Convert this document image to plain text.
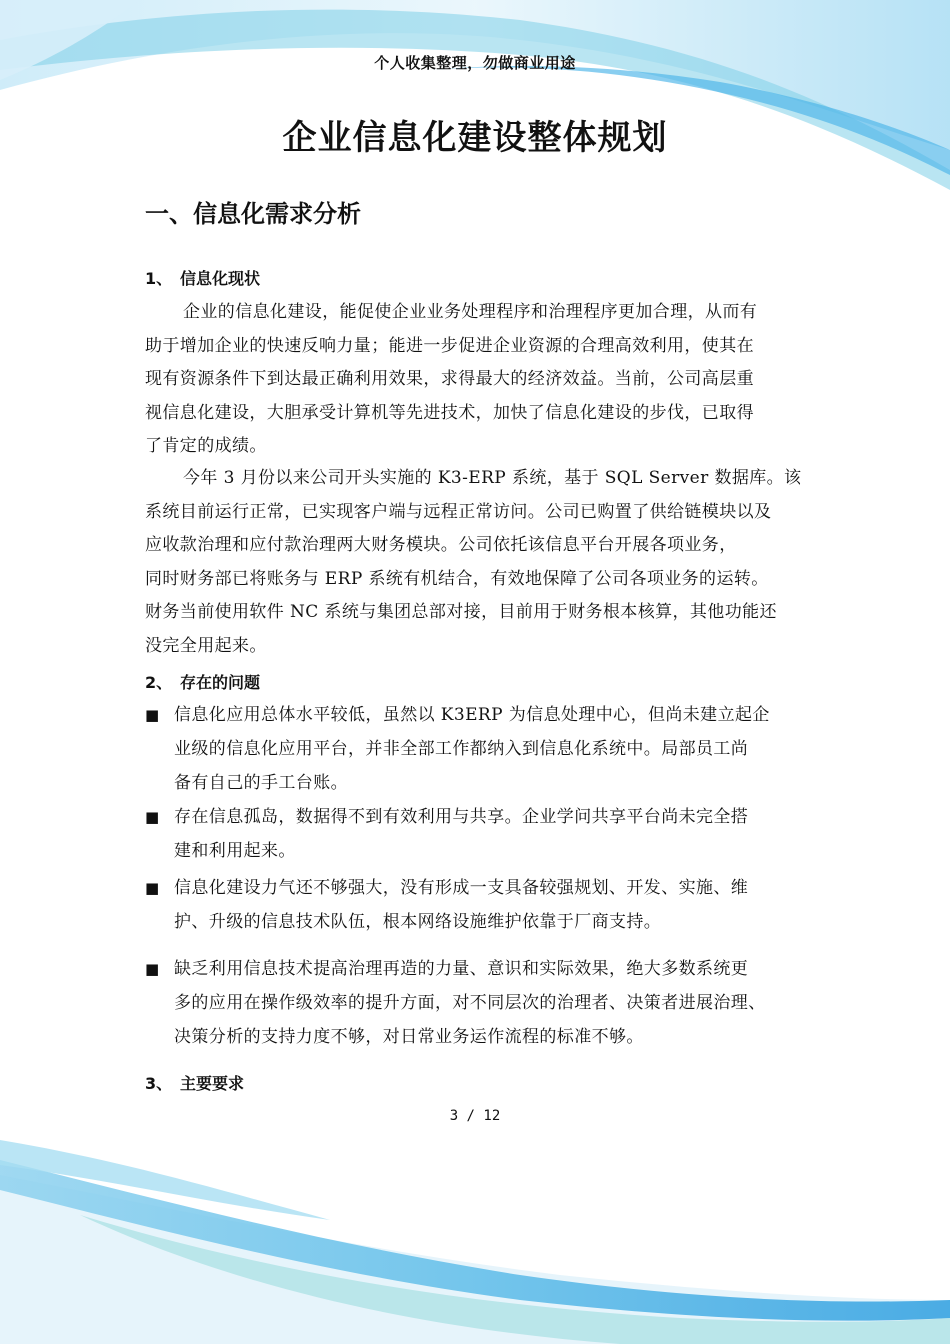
个人收集整理，勿做商业用途
企业信息化建设整体规划
一、信息化需求分析
1、 信息化现状
企业的信息化建设，能促使企业业务处理程序和治理程序更加合理，从而有
助于增加企业的快速反响力量；能进一步促进企业资源的合理高效利用，使其在
现有资源条件下到达最正确利用效果，求得最大的经济效益。当前，公司高层重
视信息化建设，大胆承受计算机等先进技术，加快了信息化建设的步伐，已取得
了肯定的成绩。
今年 3 月份以来公司开头实施的 K3-ERP 系统，基于 SQL Server 数据库。该
系统目前运行正常，已实现客户端与远程正常访问。公司已购置了供给链模块以及
应收款治理和应付款治理两大财务模块。公司依托该信息平台开展各项业务，
同时财务部已将账务与 ERP 系统有机结合，有效地保障了公司各项业务的运转。
财务当前使用软件 NC 系统与集团总部对接，目前用于财务根本核算，其他功能还
没完全用起来。
2、 存在的问题
■ 信息化应用总体水平较低，虽然以 K3ERP 为信息处理中心，但尚未建立起企
业级的信息化应用平台，并非全部工作都纳入到信息化系统中。局部员工尚
备有自己的手工台账。
■ 存在信息孤岛，数据得不到有效利用与共享。企业学问共享平台尚未完全搭
建和利用起来。
■ 信息化建设力气还不够强大，没有形成一支具备较强规划、开发、实施、维
护、升级的信息技术队伍，根本网络设施维护依靠于厂商支持。
■ 缺乏利用信息技术提高治理再造的力量、意识和实际效果，绝大多数系统更
多的应用在操作级效率的提升方面，对不同层次的治理者、决策者进展治理、
决策分析的支持力度不够，对日常业务运作流程的标准不够。
3、 主要要求
3 / 12
